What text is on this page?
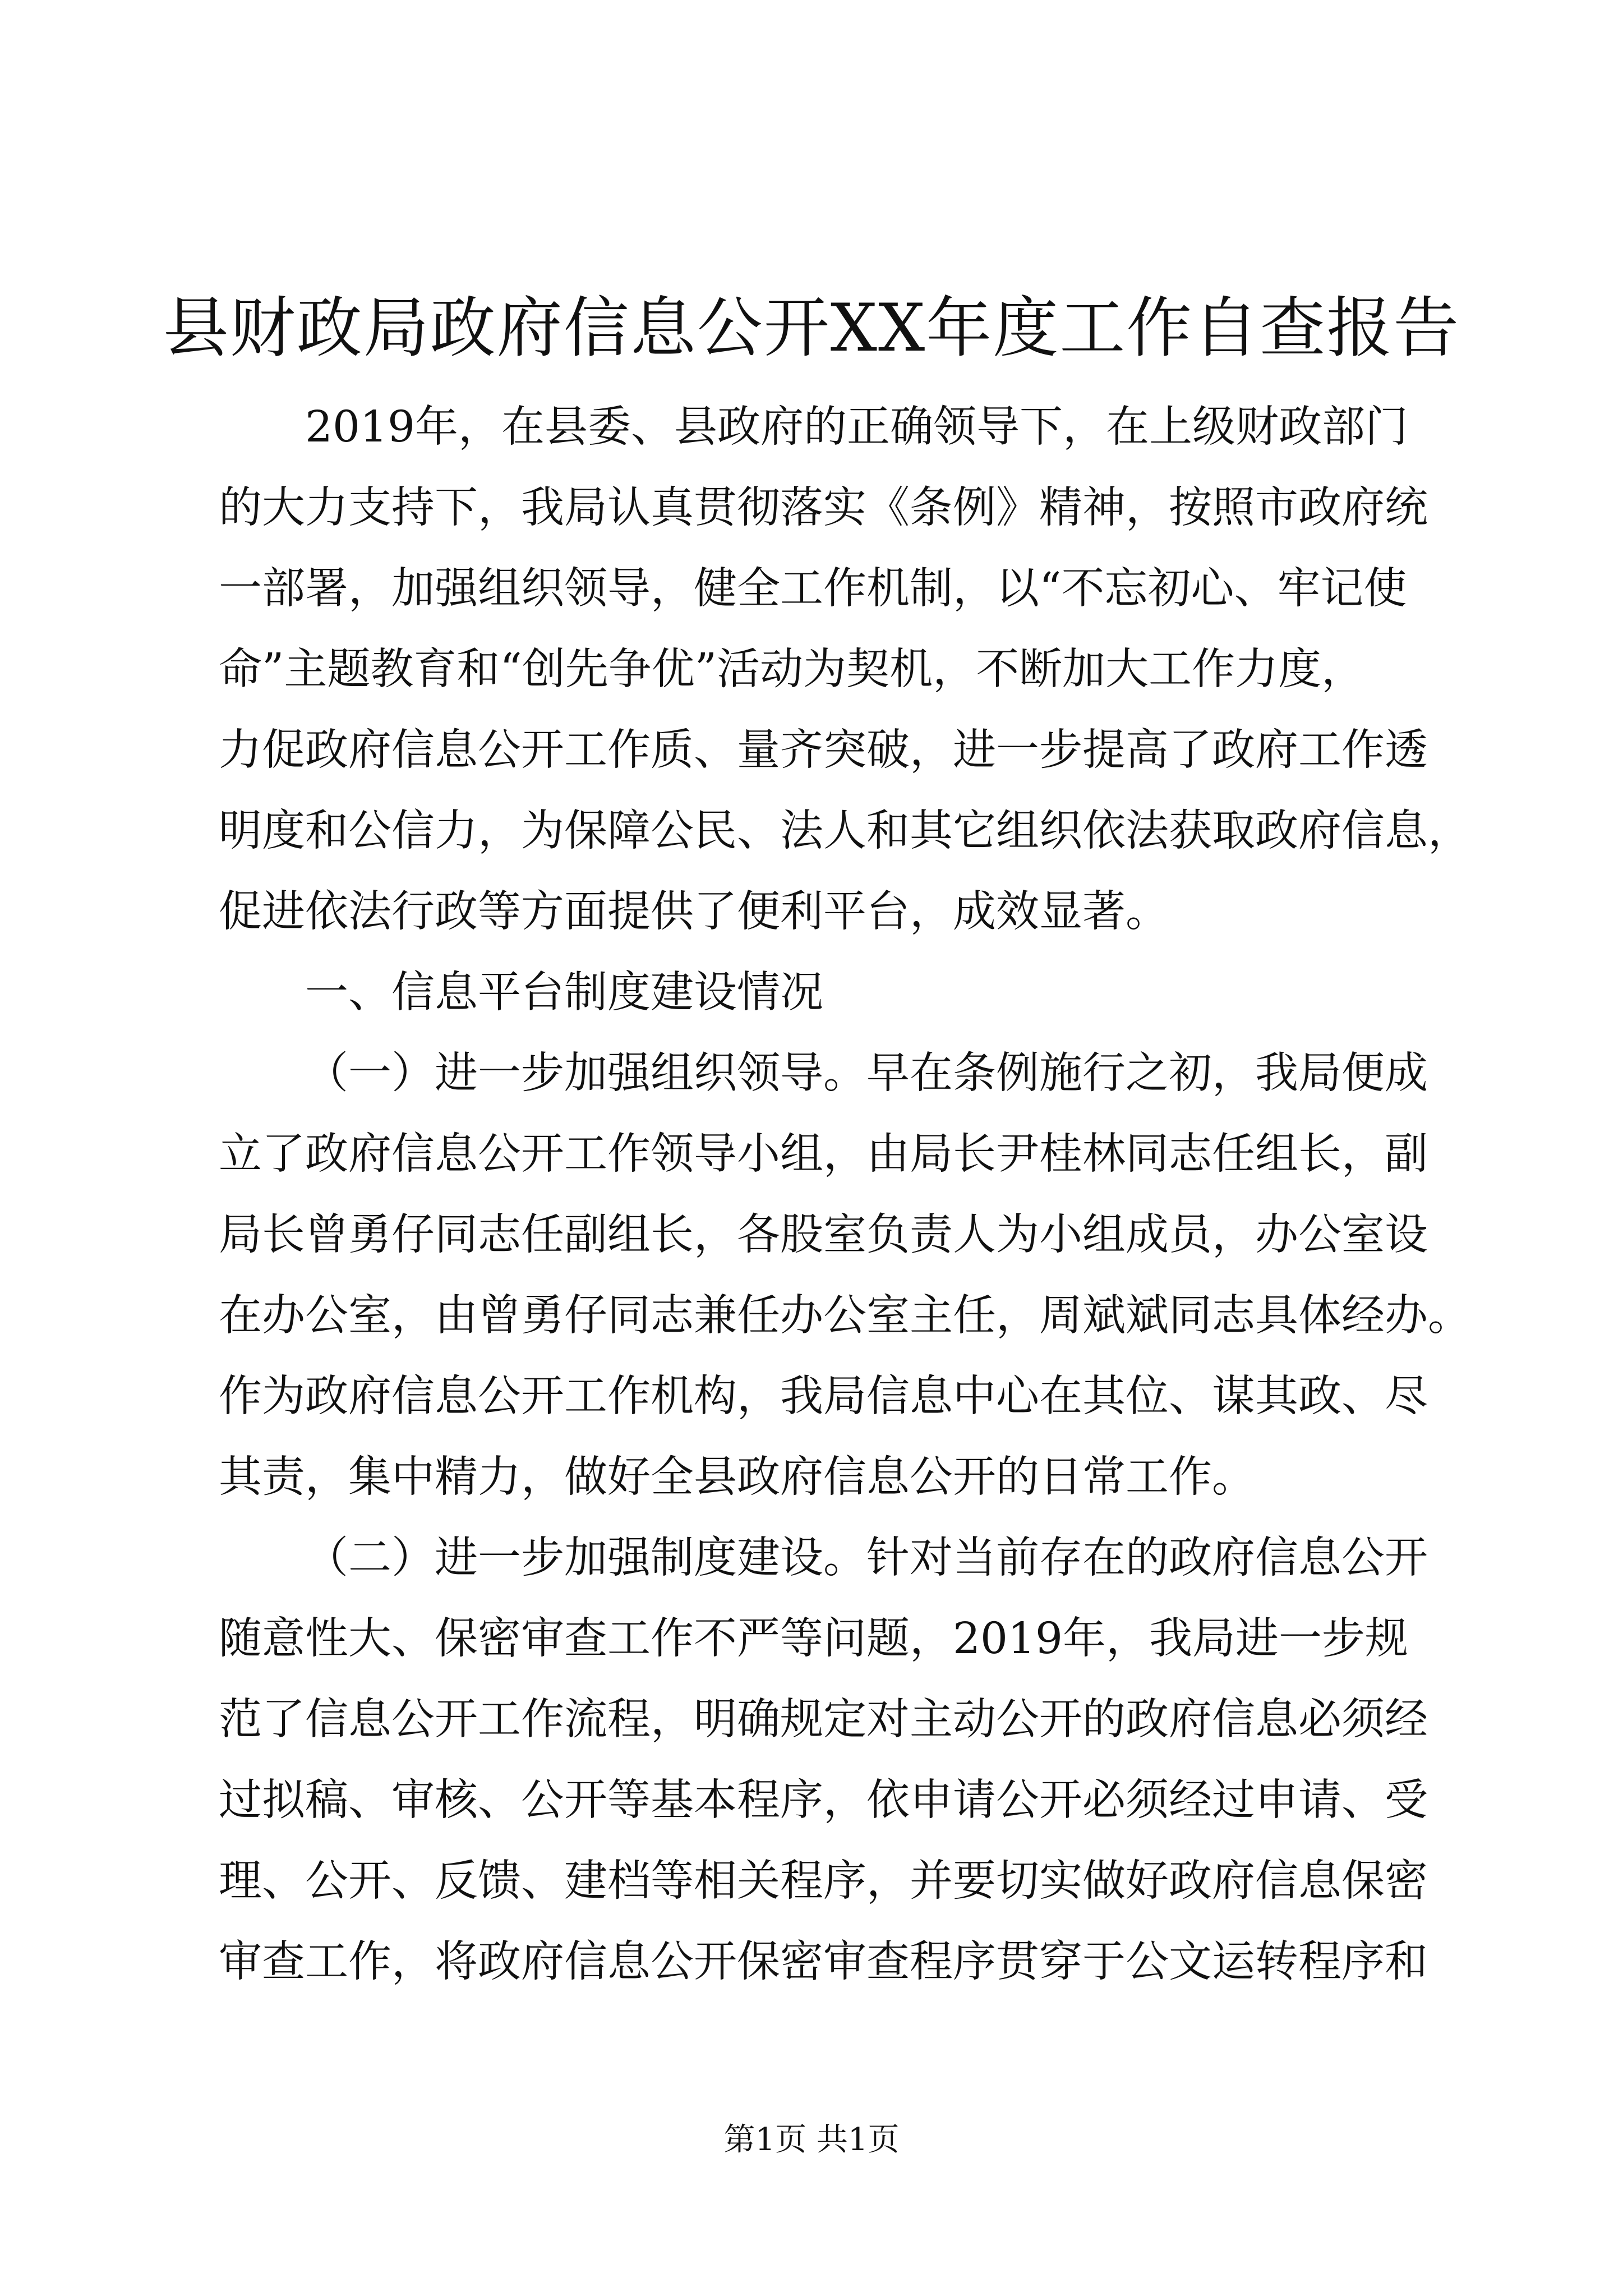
县财政局政府信息公开XX年度工作自查报告

2019年，在县委、县政府的正确领导下，在上级财政部门
的大力支持下，我局认真贯彻落实《条例》精神，按照市政府统
一部署，加强组织领导，健全工作机制，以“不忘初心、牢记使
命”主题教育和“创先争优”活动为契机，不断加大工作力度，
力促政府信息公开工作质、量齐突破，进一步提高了政府工作透
明度和公信力，为保障公民、法人和其它组织依法获取政府信息，
促进依法行政等方面提供了便利平台，成效显著。

一、信息平台制度建设情况

（一）进一步加强组织领导。早在条例施行之初，我局便成
立了政府信息公开工作领导小组，由局长尹桂林同志任组长，副
局长曾勇仔同志任副组长，各股室负责人为小组成员，办公室设
在办公室，由曾勇仔同志兼任办公室主任，周斌斌同志具体经办。
作为政府信息公开工作机构，我局信息中心在其位、谋其政、尽
其责，集中精力，做好全县政府信息公开的日常工作。

（二）进一步加强制度建设。针对当前存在的政府信息公开
随意性大、保密审查工作不严等问题，2019年，我局进一步规
范了信息公开工作流程，明确规定对主动公开的政府信息必须经
过拟稿、审核、公开等基本程序，依申请公开必须经过申请、受
理、公开、反馈、建档等相关程序，并要切实做好政府信息保密
审查工作，将政府信息公开保密审查程序贯穿于公文运转程序和

第1页 共1页
